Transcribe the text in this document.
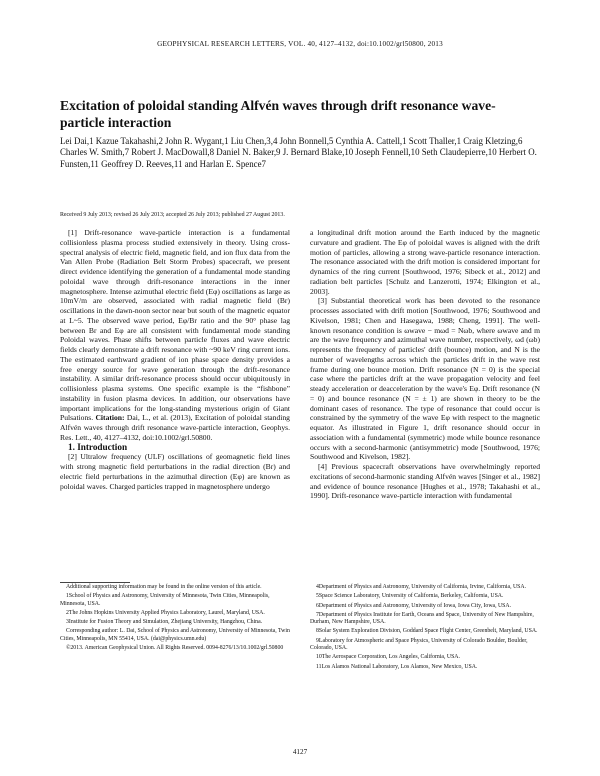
GEOPHYSICAL RESEARCH LETTERS, VOL. 40, 4127–4132, doi:10.1002/grl50800, 2013
Excitation of poloidal standing Alfvén waves through drift resonance wave-particle interaction
Lei Dai,1 Kazue Takahashi,2 John R. Wygant,1 Liu Chen,3,4 John Bonnell,5 Cynthia A. Cattell,1 Scott Thaller,1 Craig Kletzing,6 Charles W. Smith,7 Robert J. MacDowall,8 Daniel N. Baker,9 J. Bernard Blake,10 Joseph Fennell,10 Seth Claudepierre,10 Herbert O. Funsten,11 Geoffrey D. Reeves,11 and Harlan E. Spence7
Received 9 July 2013; revised 26 July 2013; accepted 26 July 2013; published 27 August 2013.

[1] Drift-resonance wave-particle interaction is a fundamental collisionless plasma process studied extensively in theory. Using cross-spectral analysis of electric field, magnetic field, and ion flux data from the Van Allen Probe (Radiation Belt Storm Probes) spacecraft, we present direct evidence identifying the generation of a fundamental mode standing poloidal wave through drift-resonance interactions in the inner magnetosphere. Intense azimuthal electric field (Eφ) oscillations as large as 10mV/m are observed, associated with radial magnetic field (Br) oscillations in the dawn-noon sector near but south of the magnetic equator at L~5. The observed wave period, Eφ/Br ratio and the 90° phase lag between Br and Eφ are all consistent with fundamental mode standing Poloidal waves. Phase shifts between particle fluxes and wave electric fields clearly demonstrate a drift resonance with ~90 keV ring current ions. The estimated earthward gradient of ion phase space density provides a free energy source for wave generation through the drift-resonance instability. A similar drift-resonance process should occur ubiquitously in collisionless plasma systems. One specific example is the “fishbone” instability in fusion plasma devices. In addition, our observations have important implications for the long-standing mysterious origin of Giant Pulsations. Citation: Dai, L., et al. (2013), Excitation of poloidal standing Alfvén waves through drift resonance wave-particle interaction, Geophys. Res. Lett., 40, 4127–4132, doi:10.1002/grl.50800.

1. Introduction

[2] Ultralow frequency (ULF) oscillations of geomagnetic field lines with strong magnetic field perturbations in the radial direction (Br) and electric field perturbations in the azimuthal direction (Eφ) are known as poloidal waves. Charged particles trapped in magnetosphere undergo

a longitudinal drift motion around the Earth induced by the magnetic curvature and gradient. The Eφ of poloidal waves is aligned with the drift motion of particles, allowing a strong wave-particle resonance interaction. The resonance associated with the drift motion is considered important for dynamics of the ring current [Southwood, 1976; Sibeck et al., 2012] and radiation belt particles [Schulz and Lanzerotti, 1974; Elkington et al., 2003].

[3] Substantial theoretical work has been devoted to the resonance processes associated with drift motion [Southwood, 1976; Southwood and Kivelson, 1981; Chen and Hasegawa, 1988; Cheng, 1991]. The well-known resonance condition is ωwave − mωd = Nωb, where ωwave and m are the wave frequency and azimuthal wave number, respectively, ωd (ωb) represents the frequency of particles' drift (bounce) motion, and N is the number of wavelengths across which the particles drift in the wave rest frame during one bounce motion. Drift resonance (N = 0) is the special case where the particles drift at the wave propagation velocity and feel steady acceleration or deacceleration by the wave's Eφ. Drift resonance (N = 0) and bounce resonance (N = ± 1) are shown in theory to be the dominant cases of resonance. The type of resonance that could occur is constrained by the symmetry of the wave Eφ with respect to the magnetic equator. As illustrated in Figure 1, drift resonance should occur in association with a fundamental (symmetric) mode while bounce resonance occurs with a second-harmonic (antisymmetric) mode [Southwood, 1976; Southwood and Kivelson, 1982].

[4] Previous spacecraft observations have overwhelmingly reported excitations of second-harmonic standing Alfvén waves [Singer et al., 1982] and evidence of bounce resonance [Hughes et al., 1978; Takahashi et al., 1990]. Drift-resonance wave-particle interaction with fundamental

Additional supporting information may be found in the online version of this article.

1School of Physics and Astronomy, University of Minnesota, Twin Cities, Minneapolis, Minnesota, USA.

2The Johns Hopkins University Applied Physics Laboratory, Laurel, Maryland, USA.

3Institute for Fusion Theory and Simulation, Zhejiang University, Hangzhou, China.

Corresponding author: L. Dai, School of Physics and Astronomy, University of Minnesota, Twin Cities, Minneapolis, MN 55414, USA. (dai@physics.umn.edu)

©2013. American Geophysical Union. All Rights Reserved. 0094-8276/13/10.1002/grl.50800

4Department of Physics and Astronomy, University of California, Irvine, California, USA.

5Space Science Laboratory, University of California, Berkeley, California, USA.

6Department of Physics and Astronomy, University of Iowa, Iowa City, Iowa, USA.

7Department of Physics Institute for Earth, Oceans and Space, University of New Hampshire, Durham, New Hampshire, USA.

8Solar System Exploration Division, Goddard Space Flight Center, Greenbelt, Maryland, USA.

9Laboratory for Atmospheric and Space Physics, University of Colorado Boulder, Boulder, Colorado, USA.

10The Aerospace Corporation, Los Angeles, California, USA.

11Los Alamos National Laboratory, Los Alamos, New Mexico, USA.

4127
